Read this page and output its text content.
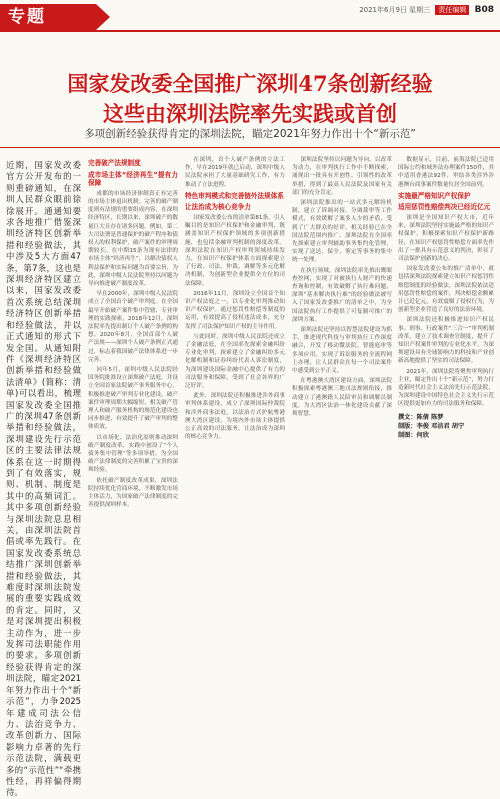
专题	2021年6月9日 星期三 责任编辑 B08
国家发改委全国推广深圳47条创新经验
这些由深圳法院率先实践或首创
多项创新经验获得肯定的深圳法院，瞄定2021年努力作出十个“新示范”
近期，国家发改委官方公开发布的一则重磅通知，在深圳人民群众眼前徐徐展开。通通知要求各地推广借鉴深圳经济特区创新举措和经验做法，其中涉及5大方面47条，第7条，这也是深圳经济特区建立以来，国家发改委首次系统总结深圳经济特区创新举措和经验做法，并以正式通知的形式下发全国。从通知附件《深圳经济特区创新举措和经验做法清单》(简称：清单)可以看出，梳理国家发改委全国推广的深圳47条创新举措和经验做法，深圳建设先行示范区的主要法律法规体系在这一时期得到了有效落实，规则、机制、制度是其中的高频词汇。其中多项创新经验与深圳法院息息相关，由深圳法院首倡或率先践行。在国家发改委系统总结推广深圳创新举措和经验做法，其难度时深圳法院发展的重要实践成效的肯定。同时，又是对深圳提出积极主动作为，进一步发挥司法职能作用的要求。多项创新经验获得肯定的深圳法院，瞄定2021年努力作出十个“新示范”，力争2025年建成司法公信力、法治竞争力、改革创新力、国际影响力卓著的先行示范法院，满载更多的“示范性”“牵携性经，再祥偏得期待。
完善破产法规制度
成市场主体“经济再生”提有力保障

成都的市场经济体制真正有完善的市场主体退出机制。完善的破产制度则有法规的重要组成内容，在深圳经济特区，长期以来，深圳破产的数量巨大且存在诸多问题。例如，第二大司法署是普通保护的破产程序和债权人的权利保护，破产案件的审理周期较长。在中期15条为现有法律的市场主体“经济再生”，以解决债权人利益保护和实际问题为首要宗旨，为此，深圳中级人民法院坚持以问题为导向推进破产制度改革。

早在2000年，深圳中级人民法院成立了全国首个破产审判庭。在全国最早开始破产案件集中管辖、专业审理的实践探索，2018年12月，深圳法院率先提出制订个人破产条例的构想。2020年8月，全国首部个人破产法规——深圳个人破产条例正式通过，标志着我国破产法律体系进一步完善。

同年5月，深圳中级人民法院经国务院批准设立深圳破产法庭，并设立全国首家法院破产事务服务中心，积极推进破产审判专业化建设，破产案件审理周期大幅缩短，相关破产管理人和破产服务机构的规范化建设也同步推进，有效提升了破产审判的整体质效。

以市场化、法治化原则推动深圳破产制度改革，实践中创设了“个人债务集中管理”等多项举措，为全国破产法律制度的完善积累了宝贵的深圳经验。

依托破产制度改革成果，深圳法院持续优化营商环境，不断激发市场主体活力，为国家破产法律制度的完善提供深圳样本。

在深圳，首个人破产条例的立法工作，早在2019年就已启动，深圳中级人民法院承担了大量基础研究工作，有力推动了立法进程。

特色审判模式和完善链外法规体系
让法治成为核心竞争力

国家发改委公布的清单第81条，引人瞩目的是知识产权保护和金融审判，既涵盖知识产权保护领域的多项创新措施，也包括金融审判机制的深度改革。深圳法院在知识产权审判领域持续发力，在知识产权保护体系方面探索建立了行政、司法、仲裁、调解等多元化解决机制，为创新型企业提供全方位的司法保障。

2016年11月，深圳设立全国首个知识产权法庭之一，以专业化审判推动知识产权保护。通过惩罚性赔偿等制度的运用，有效提高了侵权违法成本，充分发挥了司法保护知识产权的主导作用。

与此同时，深圳中级人民法院还成立了金融法庭，在全国率先探索金融纠纷专业化审判，探索建立了金融纠纷多元化解机制和证券纠纷代表人诉讼制度，为深圳建设国际金融中心提供了有力的司法服务和保障，受到了社会各界的广泛好评。

此外，深圳法院还积极推进涉外商事审判体系建设，成立了深圳国际仲裁院和涉外商事法庭，以法治方式护航粤港澳大湾区建设，为境内外市场主体提供公正高效的司法服务，让法治成为深圳的核心竞争力。

深圳法院坚持以问题为导向，以改革为动力，在审判执行工作中不断探索，涌现出一批具有开创性、引领性的改革举措，得到了最高人民法院及国家有关部门的充分肯定。

深圳法院推出的一站式多元解纷机制，建立了诉调对接、分调裁审等工作模式，有效缓解了案多人少的矛盾，受到了广大群众的好评，相关经验已在全国法院范围内推广。深圳法院在全国率先探索建立审判辅助事务集约化管理，实现了送达、保全、鉴定等事务的集中统一处理。

在执行领域，深圳法院率先推出鹰眼查控网，实现了对被执行人财产的快速查询和控制，有效破解了执行难问题，深圳“基本解决执行难”的经验做法被写入了国家发改委推广的清单之中，为全国法院执行工作提供了可复制可推广的深圳方案。

深圳法院还坚持以智慧法院建设为抓手，推进现代科技与审判执行工作深度融合，开发了移动微法院、智能庭审等多项应用，实现了诉讼服务的全流程网上办理，让人民群众在每一个司法案件中感受到公平正义。

在粤港澳大湾区建设方面，深圳法院积极探索粤港澳三地司法规则衔接，推动建立了港澳籍人民陪审员和调解员制度，为大湾区法治一体化建设贡献了深圳智慧。

数据显示，目前，前海法院已适用国际公约和域外法办理案件150件，其中适用香港法92件，审结各类涉外涉港澳台商事案件数量位居全国前列。

实施最严格知识产权保护
适用惩罚性赔偿判决已经近亿元

深圳是全国知识产权大市，近年来，深圳法院坚持实施最严格的知识产权保护，积极探索知识产权保护新路径，在知识产权惩罚性赔偿方面率先作出了一批具有示范意义的判决，彰显了司法保护创新的决心。

国家发改委公布的推广清单中，就包括深圳法院探索建立知识产权惩罚性赔偿制度的经验做法。深圳法院依法适用惩罚性赔偿的案件，判决赔偿金额累计已近亿元，有效震慑了侵权行为，为创新型企业营造了良好的法治环境。

深圳法院还积极推进知识产权民事、刑事、行政案件“三合一”审判机制改革，建立了技术调查官制度，提升了知识产权案件审判的专业化水平，为深圳建设具有全球影响力的科技和产业创新高地提供了坚实的司法保障。

2021年，深圳法院将聚焦审判执行主业，瞄定作出十个“新示范”，努力打造新时代社会主义法治先行示范法院，为深圳建设中国特色社会主义先行示范区提供更加有力的司法服务和保障。

撰文：陈倩 陈梦
制版：李俊 邓洁君 胡宁
制图：何欣
